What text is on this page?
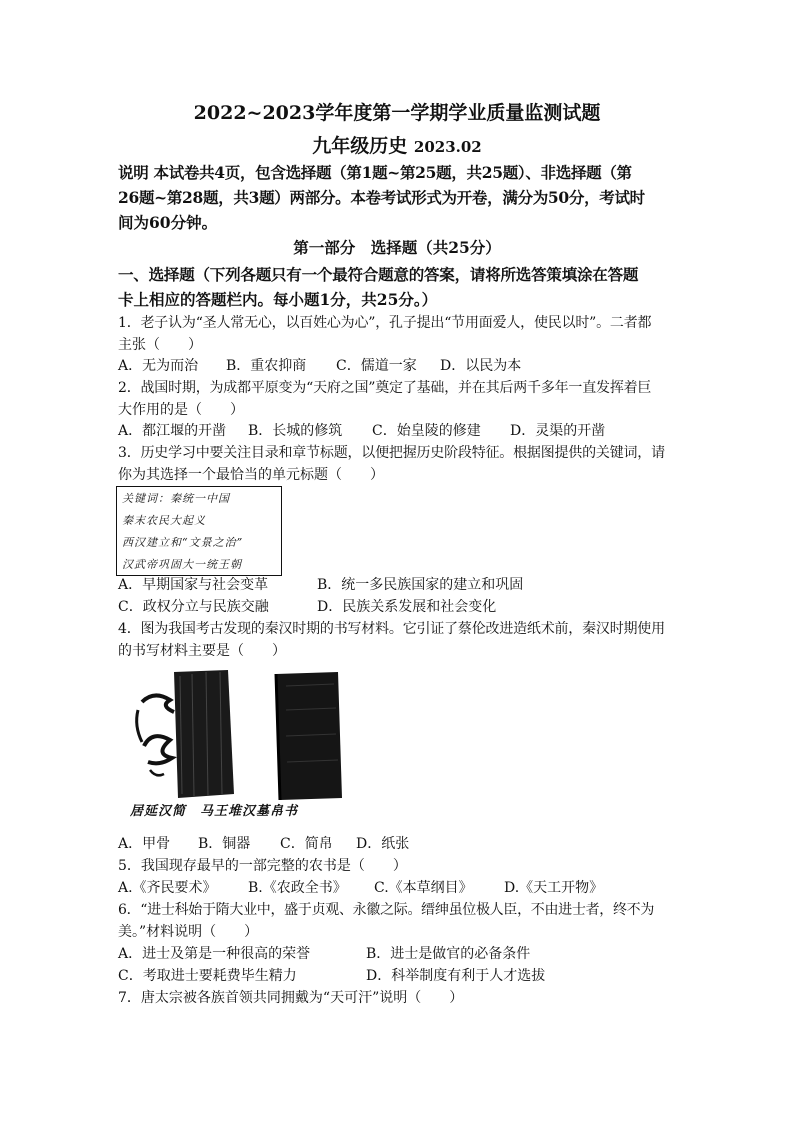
2022~2023学年度第一学期学业质量监测试题
九年级历史 2023.02
说明 本试卷共4页，包含选择题（第1题~第25题，共25题）、非选择题（第
26题~第28题，共3题）两部分。本卷考试形式为开卷，满分为50分，考试时
间为60分钟。
第一部分　选择题（共25分）
一、选择题（下列各题只有一个最符合题意的答案，请将所选答策填涂在答题
卡上相应的答题栏内。每小题1分，共25分。）
1．老子认为“圣人常无心，以百姓心为心”，孔子提出“节用面爱人，使民以时”。二者都
主张（　　）
A．无为而治 B．重农抑商 C．儒道一家 D．以民为本
2．战国时期，为成都平原变为“天府之国”奠定了基础，并在其后两千多年一直发挥着巨
大作用的是（　　）
A．都江堰的开凿 B．长城的修筑 C．始皇陵的修建 D．灵渠的开凿
3．历史学习中要关注目录和章节标题，以便把握历史阶段特征。根据图提供的关键词，请
你为其选择一个最恰当的单元标题（　　）
关键词：秦统一中国
秦末农民大起义
西汉建立和“文景之治”
汉武帝巩固大一统王朝
A．早期国家与社会变革	B．统一多民族国家的建立和巩固
C．政权分立与民族交融	D．民族关系发展和社会变化
4．图为我国考古发现的秦汉时期的书写材料。它引证了蔡伦改进造纸术前，秦汉时期使用
的书写材料主要是（　　）
居延汉简　马王堆汉墓帛书
A．甲骨 B．铜器 C．简帛 D．纸张
5．我国现存最早的一部完整的农书是（　　）
A.《齐民要术》 B.《农政全书》 C.《本草纲目》 D.《天工开物》
6．“进士科始于隋大业中，盛于贞观、永徽之际。缙绅虽位极人臣，不由进士者，终不为
美。”材料说明（　　）
A．进士及第是一种很高的荣誉	B．进士是做官的必备条件
C．考取进士要耗费毕生精力	D．科举制度有利于人才选拔
7．唐太宗被各族首领共同拥戴为“天可汗”说明（　　）
